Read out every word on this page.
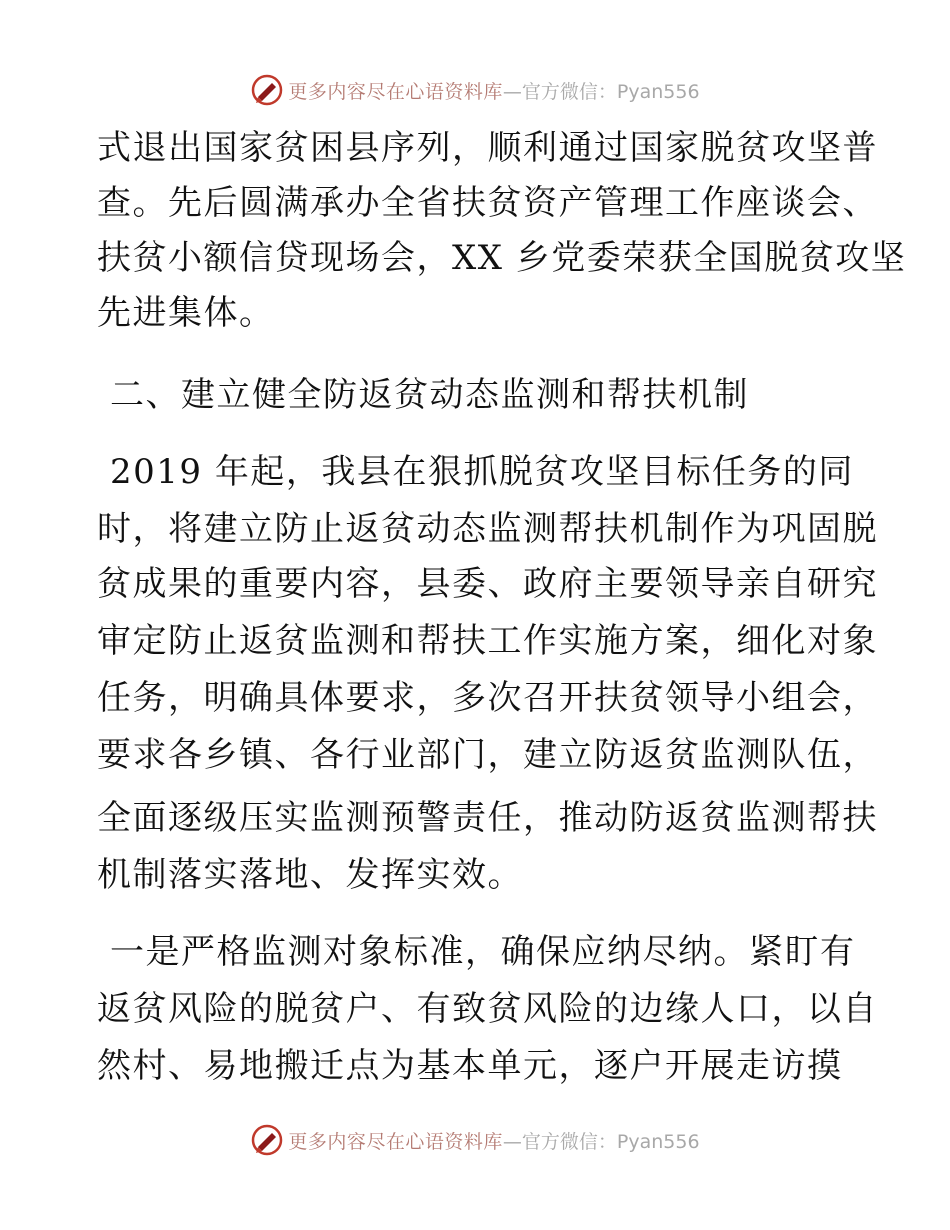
更多内容尽在心语资料库 —官方微信：Pyan556
式退出国家贫困县序列，顺利通过国家脱贫攻坚普
查。先后圆满承办全省扶贫资产管理工作座谈会、
扶贫小额信贷现场会，XX 乡党委荣获全国脱贫攻坚
先进集体。
二、建立健全防返贫动态监测和帮扶机制
2019 年起，我县在狠抓脱贫攻坚目标任务的同
时，将建立防止返贫动态监测帮扶机制作为巩固脱
贫成果的重要内容，县委、政府主要领导亲自研究
审定防止返贫监测和帮扶工作实施方案，细化对象
任务，明确具体要求，多次召开扶贫领导小组会，
要求各乡镇、各行业部门，建立防返贫监测队伍，
全面逐级压实监测预警责任，推动防返贫监测帮扶
机制落实落地、发挥实效。
一是严格监测对象标准，确保应纳尽纳。紧盯有
返贫风险的脱贫户、有致贫风险的边缘人口，以自
然村、易地搬迁点为基本单元，逐户开展走访摸
更多内容尽在心语资料库 —官方微信：Pyan556
